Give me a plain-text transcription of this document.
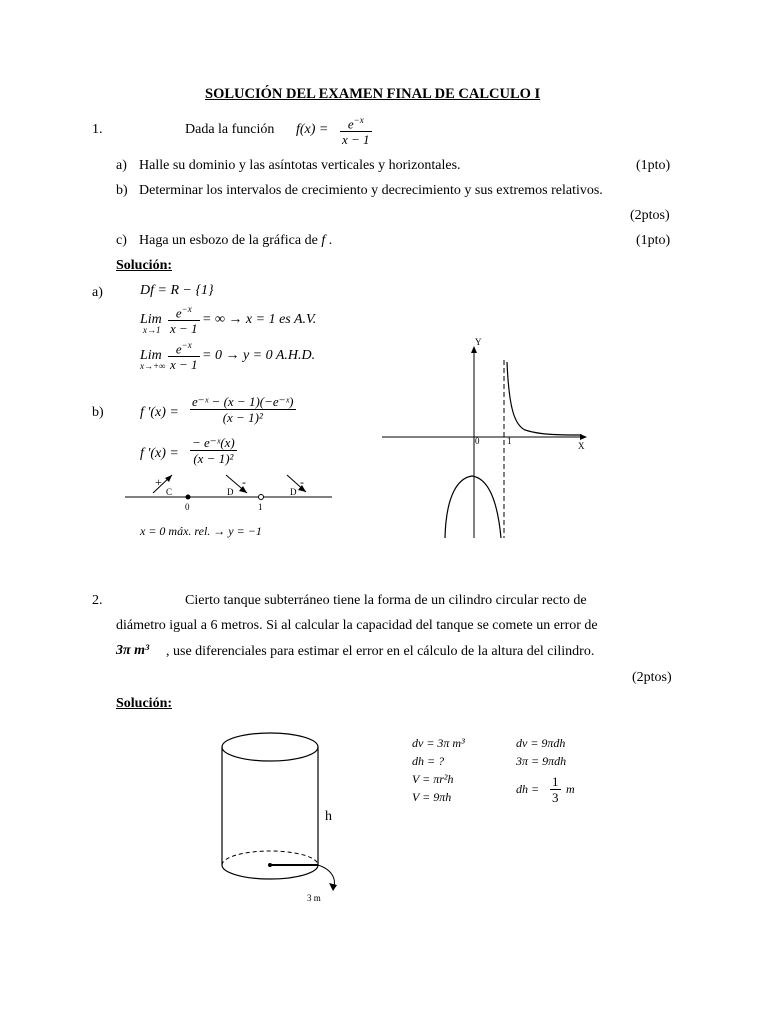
SOLUCIÓN DEL EXAMEN FINAL DE CALCULO I
1.	Dada la función $f(x) = \frac{e^{-x}}{x - 1}$
a) Halle su dominio y las asíntotas verticales y horizontales.	(1pto)
b) Determinar los intervalos de crecimiento y decrecimiento y sus extremos relativos.
(2ptos)
c) Haga un esbozo de la gráfica de f .	(1pto)
Solución:
a)	Df = R − {1}
Lim
$x\to 1 \frac{e^{-x}}{x - 1}$ = ∞ → x = 1 es A.V.
Lim
$x\to+\infty \frac{e^{-x}}{x - 1} = 0 \to y = 0$ A.H.D.
b)	f '$(x) = \frac{\text{e⁻ˣ − (x − 1)(−e⁻ˣ)}}{\text{(x − 1)²}}$
f '$(x) = \frac{\text{− e⁻ˣ(x)}}{\text{(x − 1)²}}$
+
C
-
D
-
D
0	1
x = 0 máx. rel. → y = −1
Y
X
0	1
2.	Cierto tanque subterráneo tiene la forma de un cilindro circular recto de
diámetro igual a 6 metros. Si al calcular la capacidad del tanque se comete un error de
3π m³ , use diferenciales para estimar el error en el cálculo de la altura del cilindro.
(2ptos)
Solución:
h
3 m
dv = 3π m³
dh = ?
V = πr²h
V = 9πh
dv = 9πdh
3π = 9πdh
dh = $\frac{1}{3}$ m
